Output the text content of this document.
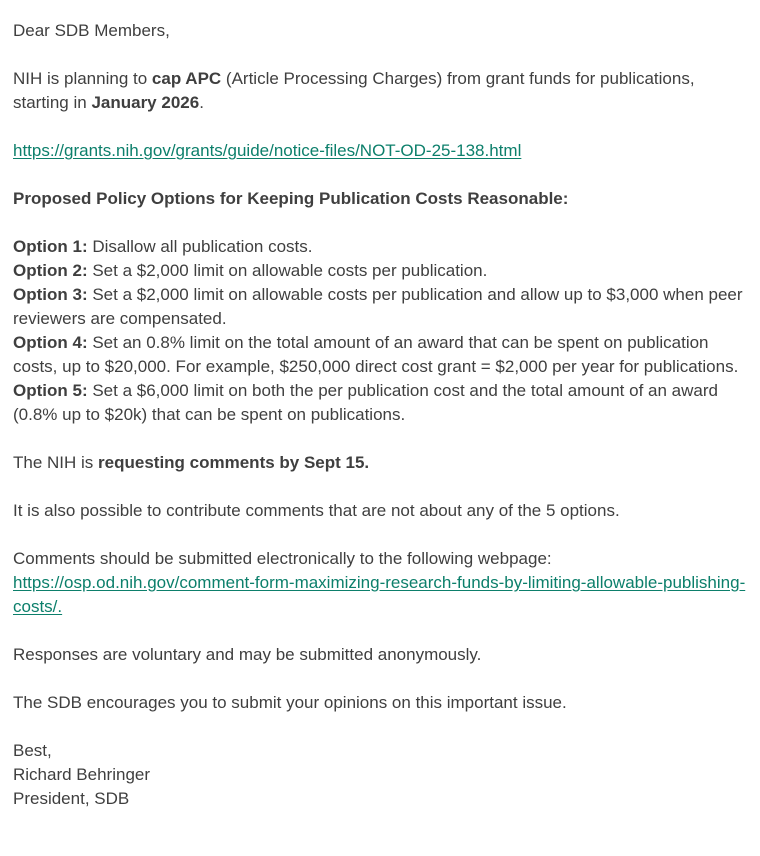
Dear SDB Members,

NIH is planning to cap APC (Article Processing Charges) from grant funds for publications, starting in January 2026.

https://grants.nih.gov/grants/guide/notice-files/NOT-OD-25-138.html

Proposed Policy Options for Keeping Publication Costs Reasonable:

Option 1: Disallow all publication costs.
Option 2: Set a $2,000 limit on allowable costs per publication.
Option 3: Set a $2,000 limit on allowable costs per publication and allow up to $3,000 when peer reviewers are compensated.
Option 4: Set an 0.8% limit on the total amount of an award that can be spent on publication costs, up to $20,000. For example, $250,000 direct cost grant = $2,000 per year for publications.
Option 5: Set a $6,000 limit on both the per publication cost and the total amount of an award (0.8% up to $20k) that can be spent on publications.

The NIH is requesting comments by Sept 15.

It is also possible to contribute comments that are not about any of the 5 options.

Comments should be submitted electronically to the following webpage:
https://osp.od.nih.gov/comment-form-maximizing-research-funds-by-limiting-allowable-publishing-costs/.

Responses are voluntary and may be submitted anonymously.

The SDB encourages you to submit your opinions on this important issue.

Best,
Richard Behringer
President, SDB
